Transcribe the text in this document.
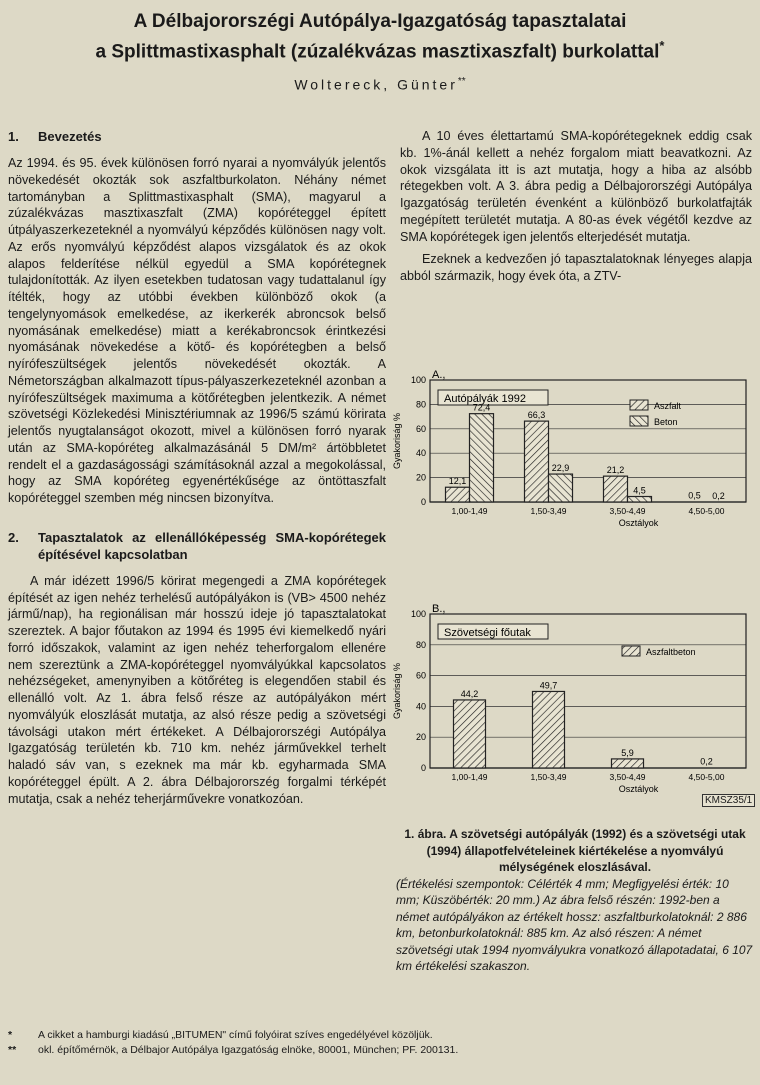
A Délbajororszégi Autópálya-Igazgatóság tapasztalatai
a Splittmastixasphalt (zúzalékvázas masztixaszfalt) burkolattal*
Woltereck, Günter**
1.	Bevezetés

Az 1994. és 95. évek különösen forró nyarai a nyomvályúk jelentős növekedését okozták sok aszfaltburkolaton. Néhány német tartományban a Splittmastixasphalt (SMA), magyarul a zúzalékvázas masztixaszfalt (ZMA) kopóréteggel épített útpályaszerkezeteknél a nyomvályú képződés különösen nagy volt. Az erős nyomvályú képződést alapos vizsgálatok és az okok alapos felderítése nélkül egyedül a SMA kopórétegnek tulajdonították. Az ilyen esetekben tudatosan vagy tudattalanul így ítélték, hogy az utóbbi években különböző okok (a tengelynyomások emelkedése, az ikerkerék abroncsok belső nyomásának emelkedése) miatt a kerékabroncsok érintkezési nyomásának növekedése a kötő- és kopórétegben a belső nyírófeszültségek jelentős növekedését okozták. A Németországban alkalmazott típus-pályaszerkezeteknél azonban a nyírófeszültségek maximuma a kötőrétegben jelentkezik. A német szövetségi Közlekedési Minisztériumnak az 1996/5 számú körirata jelentős nyugtalanságot okozott, mivel a különösen forró nyarak után az SMA-kopóréteg alkalmazásánál 5 DM/m² ártöbbletet rendelt el a gazdaságossági számításoknál azzal a megokolással, hogy az SMA kopóréteg egyenértékűsége az öntöttaszfalt kopóréteggel szemben még nincsen bizonyítva.

2.	Tapasztalatok az ellenállóképesség SMA-kopórétegek építésével kapcsolatban

A már idézett 1996/5 körirat megengedi a ZMA kopórétegek építését az igen nehéz terhelésű autópályákon is (VB> 4500 nehéz jármű/nap), ha regionálisan már hosszú ideje jó tapasztalatokat szereztek. A bajor főutakon az 1994 és 1995 évi kiemelkedő nyári forró időszakok, valamint az igen nehéz teherforgalom ellenére nem szereztünk a ZMA-kopóréteggel nyomvályúkkal kapcsolatos nehézségeket, amenynyiben a kötőréteg is elegendően stabil és ellenálló volt. Az 1. ábra felső része az autópályákon mért nyomvályúk eloszlását mutatja, az alsó része pedig a szövetségi távolsági utakon mért értékeket. A Délbajororszégi Autópálya Igazgatóság területén kb. 710 km. nehéz járművekkel terhelt haladó sáv van, s ezeknek ma már kb. egyharmada SMA kopóréteggel épült. A 2. ábra Délbajororszég forgalmi térképét mutatja, csak a nehéz teherjárművekre vonatkozóan.

A 10 éves élettartamú SMA-kopórétegeknek eddig csak kb. 1%-ánál kellett a nehéz forgalom miatt beavatkozni. Az okok vizsgálata itt is azt mutatja, hogy a hiba az alsóbb rétegekben volt. A 3. ábra pedig a Délbajororszégi Autópálya Igazgatóság területén évenként a különböző burkolatfajták megépített területét mutatja. A 80-as évek végétől kezdve az SMA kopórétegek igen jelentős elterjedését mutatja.

Ezeknek a kedvezően jó tapasztalatoknak lényeges alapja abból származik, hogy évek óta, a ZTV-

A.,
0
20
40
60
80
100
Gyakoriság %
Autópályák 1992
1,00-1,49
12,1
72,4
1,50-3,49
66,3
22,9
3,50-4,49
21,2
4,5
4,50-5,00
0,5 0,2
Osztályok
Aszfalt
Beton
B.,
0
20
40
60
80
100
Gyakoriság %
Szövetségi főutak
1,00-1,49
44,2
1,50-3,49
49,7
3,50-4,49
5,9
4,50-5,00
0,2
Osztályok
Aszfaltbeton
KMSZ35/1
1. ábra. A szövetségi autópályák (1992) és a szövetségi utak (1994) állapotfelvételeinek kiértékelése a nyomvályú mélységének eloszlásával.
(Értékelési szempontok: Célérték 4 mm; Megfigyelési érték: 10 mm; Küszöbérték: 20 mm.) Az ábra felső részén: 1992-ben a német autópályákon az értékelt hossz: aszfaltburkolatoknál: 2 886 km, betonburkolatoknál: 885 km. Az alsó részen: A német szövetségi utak 1994 nyomvályukra vonatkozó állapotadatai, 6 107 km értékelési szakaszon.
*	A cikket a hamburgi kiadású „BITUMEN" című folyóirat szíves engedélyével közöljük.
**	okl. építőmérnök, a Délbajor Autópálya Igazgatóság elnöke, 80001, München; PF. 200131.
